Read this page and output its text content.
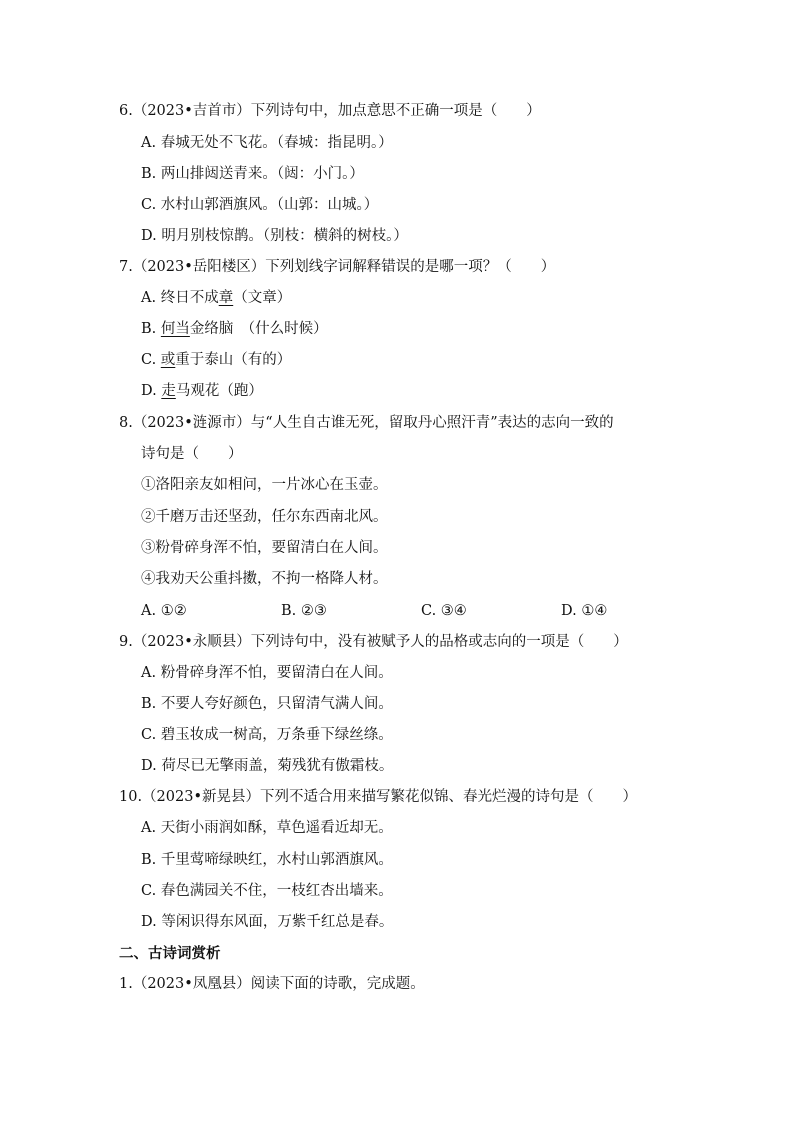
6.（2023•吉首市）下列诗句中，加点意思不正确一项是（　　）
A. 春城无处不飞花。（春城：指昆明。）
B. 两山排闼送青来。（闼：小门。）
C. 水村山郭酒旗风。（山郭：山城。）
D. 明月别枝惊鹊。（别枝：横斜的树枝。）
7.（2023•岳阳楼区）下列划线字词解释错误的是哪一项？（　　）
A. 终日不成章（文章）
B. 何当金络脑　（什么时候）
C. 或重于泰山（有的）
D. 走马观花（跑）
8.（2023•涟源市）与“人生自古谁无死，留取丹心照汗青”表达的志向一致的
诗句是（　　）
①洛阳亲友如相问，一片冰心在玉壶。
②千磨万击还坚劲，任尔东西南北风。
③粉骨碎身浑不怕，要留清白在人间。
④我劝天公重抖擞，不拘一格降人材。
A. ①②	B. ②③	C. ③④	D. ①④
9.（2023•永顺县）下列诗句中，没有被赋予人的品格或志向的一项是（　　）
A. 粉骨碎身浑不怕，要留清白在人间。
B. 不要人夸好颜色，只留清气满人间。
C. 碧玉妆成一树高，万条垂下绿丝绦。
D. 荷尽已无擎雨盖，菊残犹有傲霜枝。
10.（2023•新晃县）下列不适合用来描写繁花似锦、春光烂漫的诗句是（　　）
A. 天街小雨润如酥，草色遥看近却无。
B. 千里莺啼绿映红，水村山郭酒旗风。
C. 春色满园关不住，一枝红杏出墙来。
D. 等闲识得东风面，万紫千红总是春。
二、古诗词赏析
1.（2023•凤凰县）阅读下面的诗歌，完成题。
